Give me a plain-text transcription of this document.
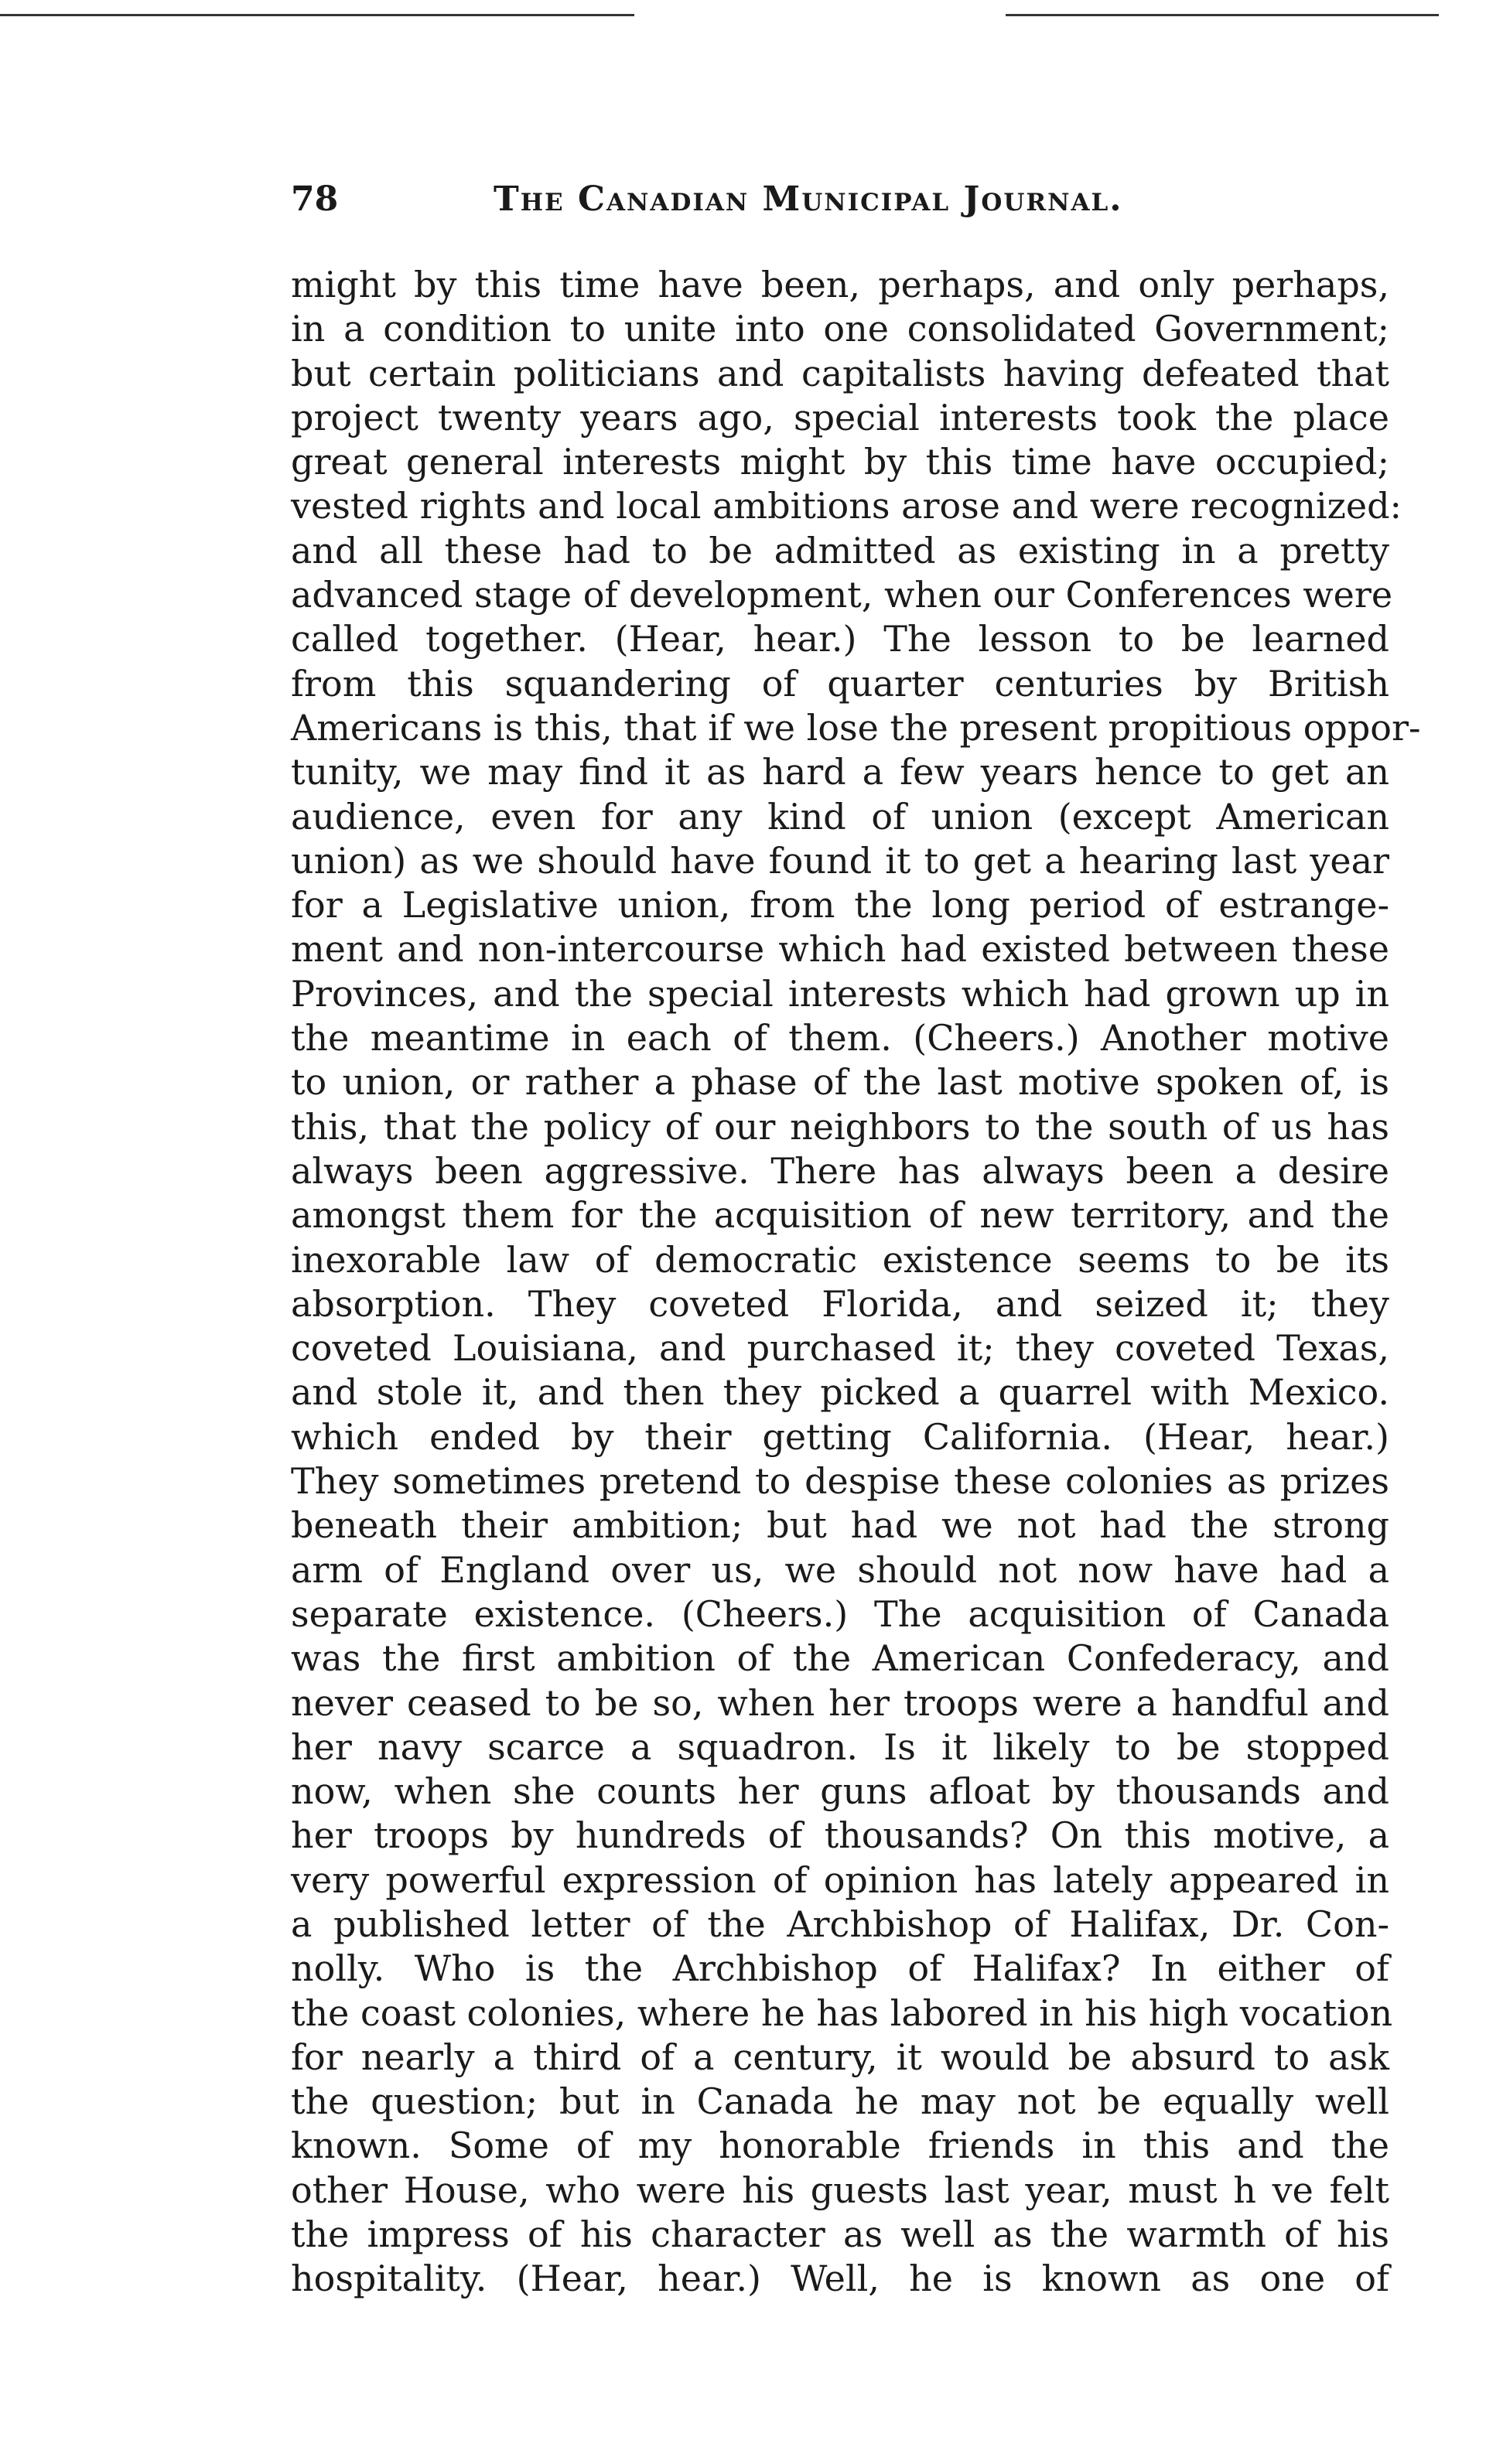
78	The Canadian Municipal Journal.
might by this time have been, perhaps, and only perhaps,
in a condition to unite into one consolidated Government;
but certain politicians and capitalists having defeated that
project twenty years ago, special interests took the place
great general interests might by this time have occupied;
vested rights and local ambitions arose and were recognized:
and all these had to be admitted as existing in a pretty
advanced stage of development, when our Conferences were
called together. (Hear, hear.) The lesson to be learned
from this squandering of quarter centuries by British
Americans is this, that if we lose the present propitious oppor-
tunity, we may find it as hard a few years hence to get an
audience, even for any kind of union (except American
union) as we should have found it to get a hearing last year
for a Legislative union, from the long period of estrange-
ment and non-intercourse which had existed between these
Provinces, and the special interests which had grown up in
the meantime in each of them. (Cheers.) Another motive
to union, or rather a phase of the last motive spoken of, is
this, that the policy of our neighbors to the south of us has
always been aggressive. There has always been a desire
amongst them for the acquisition of new territory, and the
inexorable law of democratic existence seems to be its
absorption. They coveted Florida, and seized it; they
coveted Louisiana, and purchased it; they coveted Texas,
and stole it, and then they picked a quarrel with Mexico.
which ended by their getting California. (Hear, hear.)
They sometimes pretend to despise these colonies as prizes
beneath their ambition; but had we not had the strong
arm of England over us, we should not now have had a
separate existence. (Cheers.) The acquisition of Canada
was the first ambition of the American Confederacy, and
never ceased to be so, when her troops were a handful and
her navy scarce a squadron. Is it likely to be stopped
now, when she counts her guns afloat by thousands and
her troops by hundreds of thousands? On this motive, a
very powerful expression of opinion has lately appeared in
a published letter of the Archbishop of Halifax, Dr. Con-
nolly. Who is the Archbishop of Halifax? In either of
the coast colonies, where he has labored in his high vocation
for nearly a third of a century, it would be absurd to ask
the question; but in Canada he may not be equally well
known. Some of my honorable friends in this and the
other House, who were his guests last year, must h ve felt
the impress of his character as well as the warmth of his
hospitality. (Hear, hear.) Well, he is known as one of
